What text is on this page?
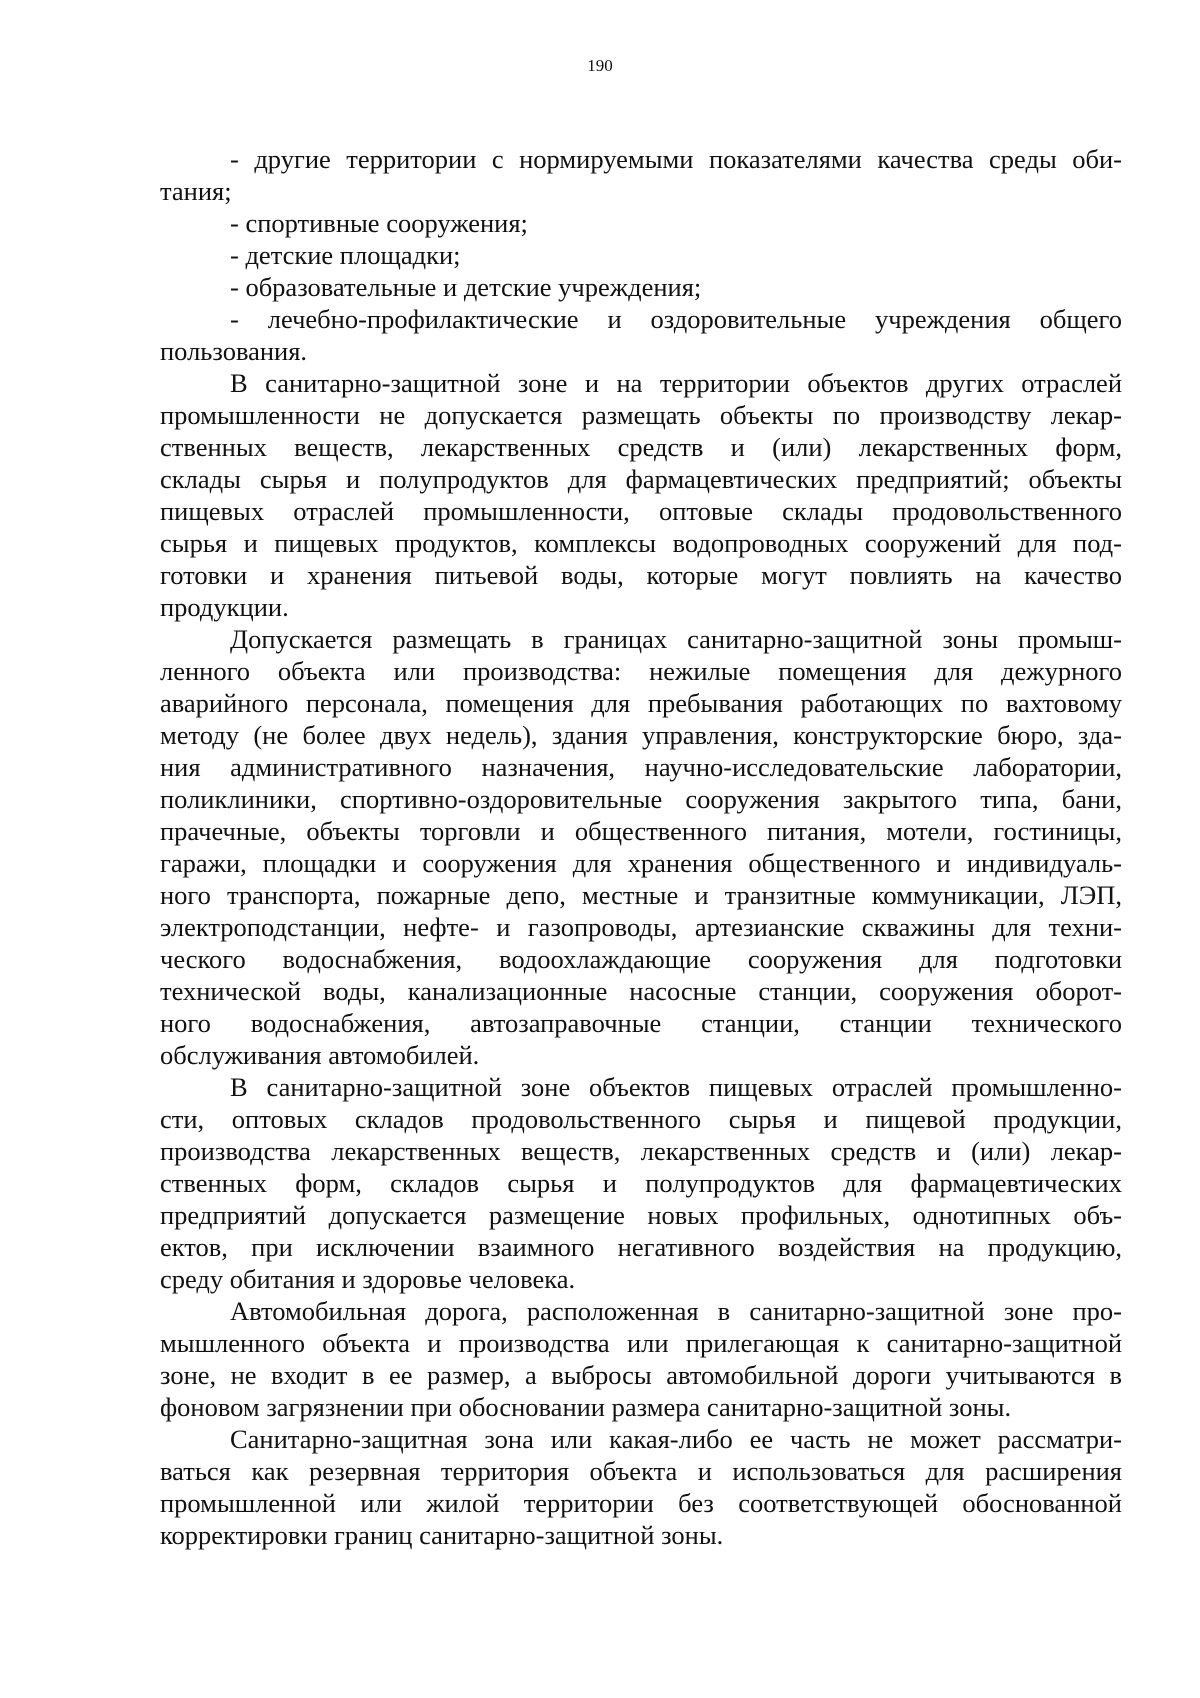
190
- другие территории с нормируемыми показателями качества среды оби-
тания;
- спортивные сооружения;
- детские площадки;
- образовательные и детские учреждения;
- лечебно-профилактические и оздоровительные учреждения общего
пользования.
В санитарно-защитной зоне и на территории объектов других отраслей
промышленности не допускается размещать объекты по производству лекар-
ственных веществ, лекарственных средств и (или) лекарственных форм,
склады сырья и полупродуктов для фармацевтических предприятий; объекты
пищевых отраслей промышленности, оптовые склады продовольственного
сырья и пищевых продуктов, комплексы водопроводных сооружений для под-
готовки и хранения питьевой воды, которые могут повлиять на качество
продукции.
Допускается размещать в границах санитарно-защитной зоны промыш-
ленного объекта или производства: нежилые помещения для дежурного
аварийного персонала, помещения для пребывания работающих по вахтовому
методу (не более двух недель), здания управления, конструкторские бюро, зда-
ния административного назначения, научно-исследовательские лаборатории,
поликлиники, спортивно-оздоровительные сооружения закрытого типа, бани,
прачечные, объекты торговли и общественного питания, мотели, гостиницы,
гаражи, площадки и сооружения для хранения общественного и индивидуаль-
ного транспорта, пожарные депо, местные и транзитные коммуникации, ЛЭП,
электроподстанции, нефте- и газопроводы, артезианские скважины для техни-
ческого водоснабжения, водоохлаждающие сооружения для подготовки
технической воды, канализационные насосные станции, сооружения оборот-
ного водоснабжения, автозаправочные станции, станции технического
обслуживания автомобилей.
В санитарно-защитной зоне объектов пищевых отраслей промышленно-
сти, оптовых складов продовольственного сырья и пищевой продукции,
производства лекарственных веществ, лекарственных средств и (или) лекар-
ственных форм, складов сырья и полупродуктов для фармацевтических
предприятий допускается размещение новых профильных, однотипных объ-
ектов, при исключении взаимного негативного воздействия на продукцию,
среду обитания и здоровье человека.
Автомобильная дорога, расположенная в санитарно-защитной зоне про-
мышленного объекта и производства или прилегающая к санитарно-защитной
зоне, не входит в ее размер, а выбросы автомобильной дороги учитываются в
фоновом загрязнении при обосновании размера санитарно-защитной зоны.
Санитарно-защитная зона или какая-либо ее часть не может рассматри-
ваться как резервная территория объекта и использоваться для расширения
промышленной или жилой территории без соответствующей обоснованной
корректировки границ санитарно-защитной зоны.
